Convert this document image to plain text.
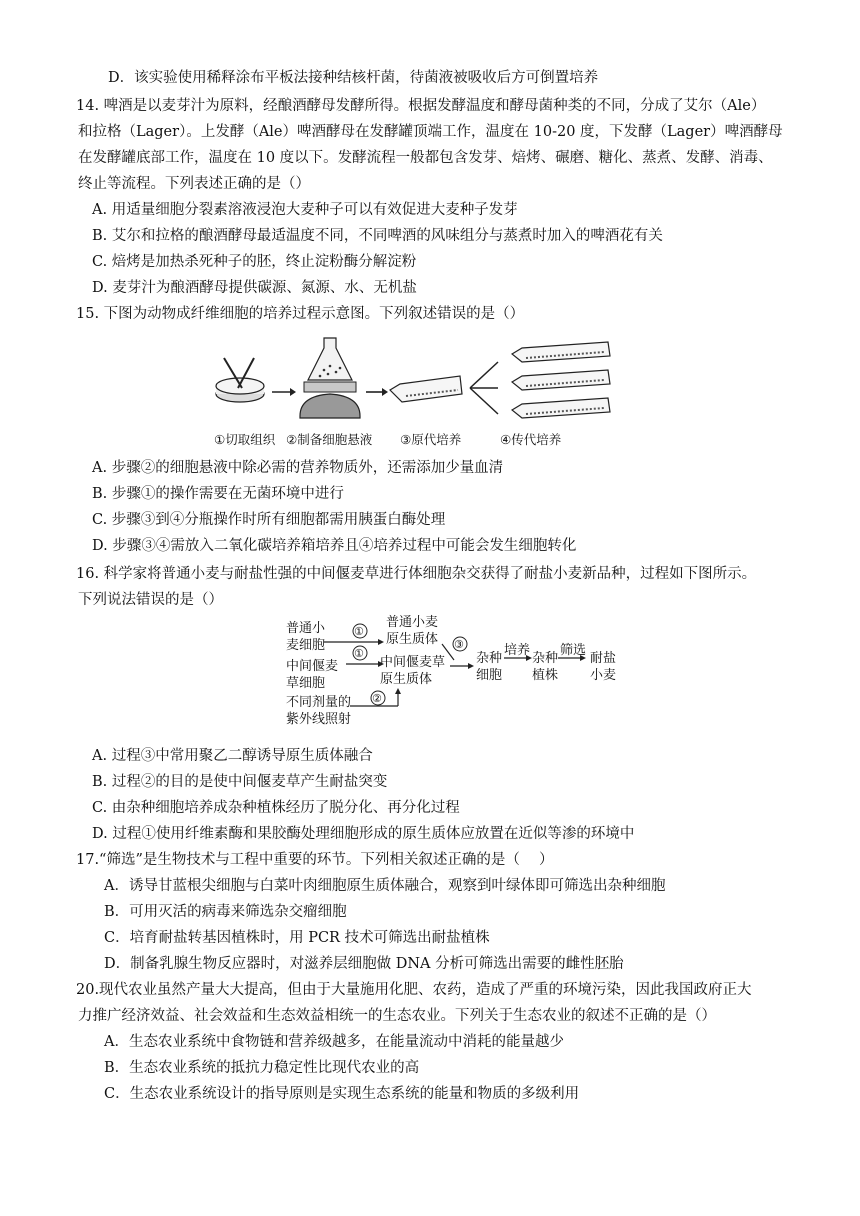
D．该实验使用稀释涂布平板法接种结核杆菌，待菌液被吸收后方可倒置培养
14. 啤酒是以麦芽汁为原料，经酿酒酵母发酵所得。根据发酵温度和酵母菌种类的不同，分成了艾尔（Ale）
和拉格（Lager）。上发酵（Ale）啤酒酵母在发酵罐顶端工作，温度在 10-20 度，下发酵（Lager）啤酒酵母
在发酵罐底部工作，温度在 10 度以下。发酵流程一般都包含发芽、焙烤、碾磨、糖化、蒸煮、发酵、消毒、
终止等流程。下列表述正确的是（）
A. 用适量细胞分裂素溶液浸泡大麦种子可以有效促进大麦种子发芽
B. 艾尔和拉格的酿酒酵母最适温度不同，不同啤酒的风味组分与蒸煮时加入的啤酒花有关
C. 焙烤是加热杀死种子的胚，终止淀粉酶分解淀粉
D. 麦芽汁为酿酒酵母提供碳源、氮源、水、无机盐
15. 下图为动物成纤维细胞的培养过程示意图。下列叙述错误的是（）
①切取组织 ②制备细胞悬液 ③原代培养	④传代培养
A. 步骤②的细胞悬液中除必需的营养物质外，还需添加少量血清
B. 步骤①的操作需要在无菌环境中进行
C. 步骤③到④分瓶操作时所有细胞都需用胰蛋白酶处理
D. 步骤③④需放入二氧化碳培养箱培养且④培养过程中可能会发生细胞转化
16. 科学家将普通小麦与耐盐性强的中间偃麦草进行体细胞杂交获得了耐盐小麦新品种，过程如下图所示。
下列说法错误的是（）
普通小
麦细胞
中间偃麦
草细胞
不同剂量的
紫外线照射
①
①
②
③
普通小麦
原生质体
中间偃麦草
原生质体
杂种
细胞
培养
杂种
植株
筛选
耐盐
小麦
A. 过程③中常用聚乙二醇诱导原生质体融合
B. 过程②的目的是使中间偃麦草产生耐盐突变
C. 由杂种细胞培养成杂种植株经历了脱分化、再分化过程
D. 过程①使用纤维素酶和果胶酶处理细胞形成的原生质体应放置在近似等渗的环境中
17.“筛选”是生物技术与工程中重要的环节。下列相关叙述正确的是（　 ）
A．诱导甘蓝根尖细胞与白菜叶肉细胞原生质体融合，观察到叶绿体即可筛选出杂种细胞
B．可用灭活的病毒来筛选杂交瘤细胞
C．培育耐盐转基因植株时，用 PCR 技术可筛选出耐盐植株
D．制备乳腺生物反应器时，对滋养层细胞做 DNA 分析可筛选出需要的雌性胚胎
20.现代农业虽然产量大大提高，但由于大量施用化肥、农药，造成了严重的环境污染，因此我国政府正大
力推广经济效益、社会效益和生态效益相统一的生态农业。下列关于生态农业的叙述不正确的是（）
A．生态农业系统中食物链和营养级越多，在能量流动中消耗的能量越少
B．生态农业系统的抵抗力稳定性比现代农业的高
C．生态农业系统设计的指导原则是实现生态系统的能量和物质的多级利用
